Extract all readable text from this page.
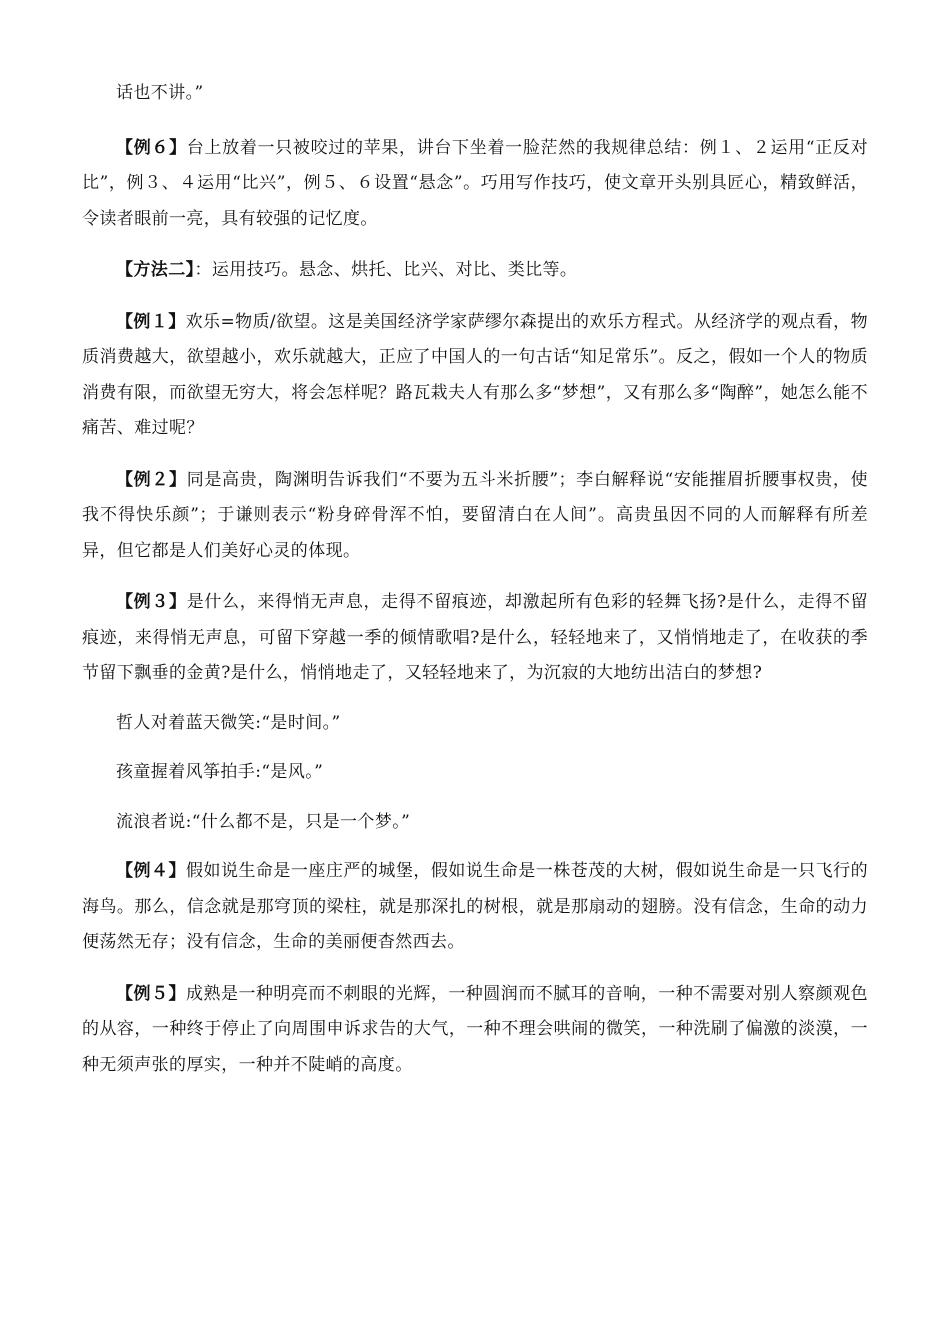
话也不讲。”

【例６】台上放着一只被咬过的苹果，讲台下坐着一脸茫然的我规律总结：例１、２运用“正反对比”，例３、４运用“比兴”，例５、６设置“悬念”。巧用写作技巧，使文章开头别具匠心，精致鲜活，令读者眼前一亮，具有较强的记忆度。

【方法二】：运用技巧。悬念、烘托、比兴、对比、类比等。

【例１】欢乐=物质/欲望。这是美国经济学家萨缪尔森提出的欢乐方程式。从经济学的观点看，物质消费越大，欲望越小，欢乐就越大，正应了中国人的一句古话“知足常乐”。反之，假如一个人的物质消费有限，而欲望无穷大，将会怎样呢？路瓦栽夫人有那么多“梦想”，又有那么多“陶醉”，她怎么能不痛苦、难过呢？

【例２】同是高贵，陶渊明告诉我们“不要为五斗米折腰”；李白解释说“安能摧眉折腰事权贵，使我不得快乐颜”；于谦则表示“粉身碎骨浑不怕，要留清白在人间”。高贵虽因不同的人而解释有所差异，但它都是人们美好心灵的体现。

【例３】是什么，来得悄无声息，走得不留痕迹，却激起所有色彩的轻舞飞扬?是什么，走得不留痕迹，来得悄无声息，可留下穿越一季的倾情歌唱?是什么，轻轻地来了，又悄悄地走了，在收获的季节留下飘垂的金黄?是什么，悄悄地走了，又轻轻地来了，为沉寂的大地纺出洁白的梦想?

哲人对着蓝天微笑:“是时间。”

孩童握着风筝拍手:“是风。”

流浪者说:“什么都不是，只是一个梦。”

【例４】假如说生命是一座庄严的城堡，假如说生命是一株苍茂的大树，假如说生命是一只飞行的海鸟。那么，信念就是那穹顶的梁柱，就是那深扎的树根，就是那扇动的翅膀。没有信念，生命的动力便荡然无存；没有信念，生命的美丽便杳然西去。

【例５】成熟是一种明亮而不刺眼的光辉，一种圆润而不腻耳的音响，一种不需要对别人察颜观色的从容，一种终于停止了向周围申诉求告的大气，一种不理会哄闹的微笑，一种洗刷了偏激的淡漠，一种无须声张的厚实，一种并不陡峭的高度。
